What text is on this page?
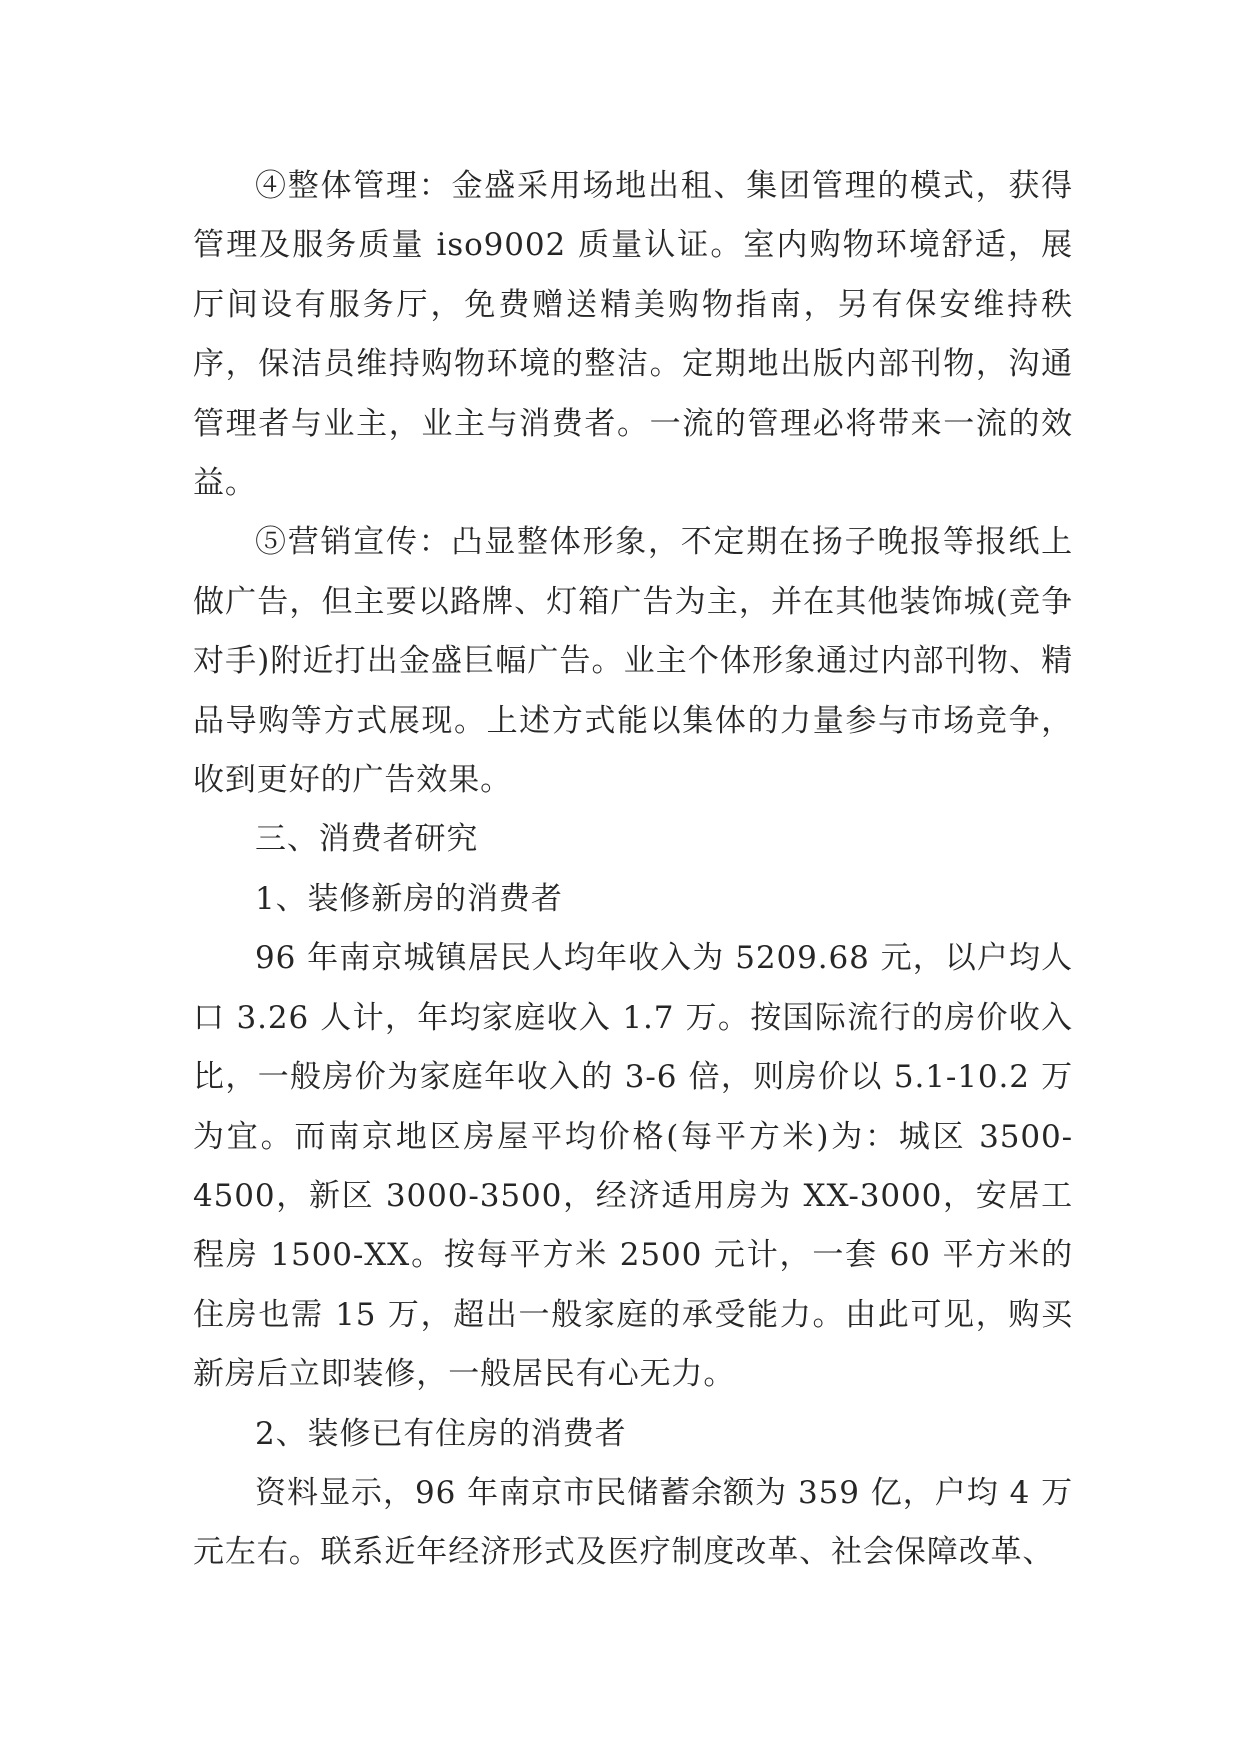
④整体管理：金盛采用场地出租、集团管理的模式，获得管理及服务质量 iso9002 质量认证。室内购物环境舒适，展厅间设有服务厅，免费赠送精美购物指南，另有保安维持秩序，保洁员维持购物环境的整洁。定期地出版内部刊物，沟通管理者与业主，业主与消费者。一流的管理必将带来一流的效益。

⑤营销宣传：凸显整体形象，不定期在扬子晚报等报纸上做广告，但主要以路牌、灯箱广告为主，并在其他装饰城(竞争对手)附近打出金盛巨幅广告。业主个体形象通过内部刊物、精品导购等方式展现。上述方式能以集体的力量参与市场竞争，收到更好的广告效果。

三、消费者研究

1、装修新房的消费者

96 年南京城镇居民人均年收入为 5209.68 元，以户均人口 3.26 人计，年均家庭收入 1.7 万。按国际流行的房价收入比，一般房价为家庭年收入的 3-6 倍，则房价以 5.1-10.2 万为宜。而南京地区房屋平均价格(每平方米)为：城区 3500-4500，新区 3000-3500，经济适用房为 XX-3000，安居工程房 1500-XX。按每平方米 2500 元计，一套 60 平方米的住房也需 15 万，超出一般家庭的承受能力。由此可见，购买新房后立即装修，一般居民有心无力。

2、装修已有住房的消费者

资料显示，96 年南京市民储蓄余额为 359 亿，户均 4 万元左右。联系近年经济形式及医疗制度改革、社会保障改革、
